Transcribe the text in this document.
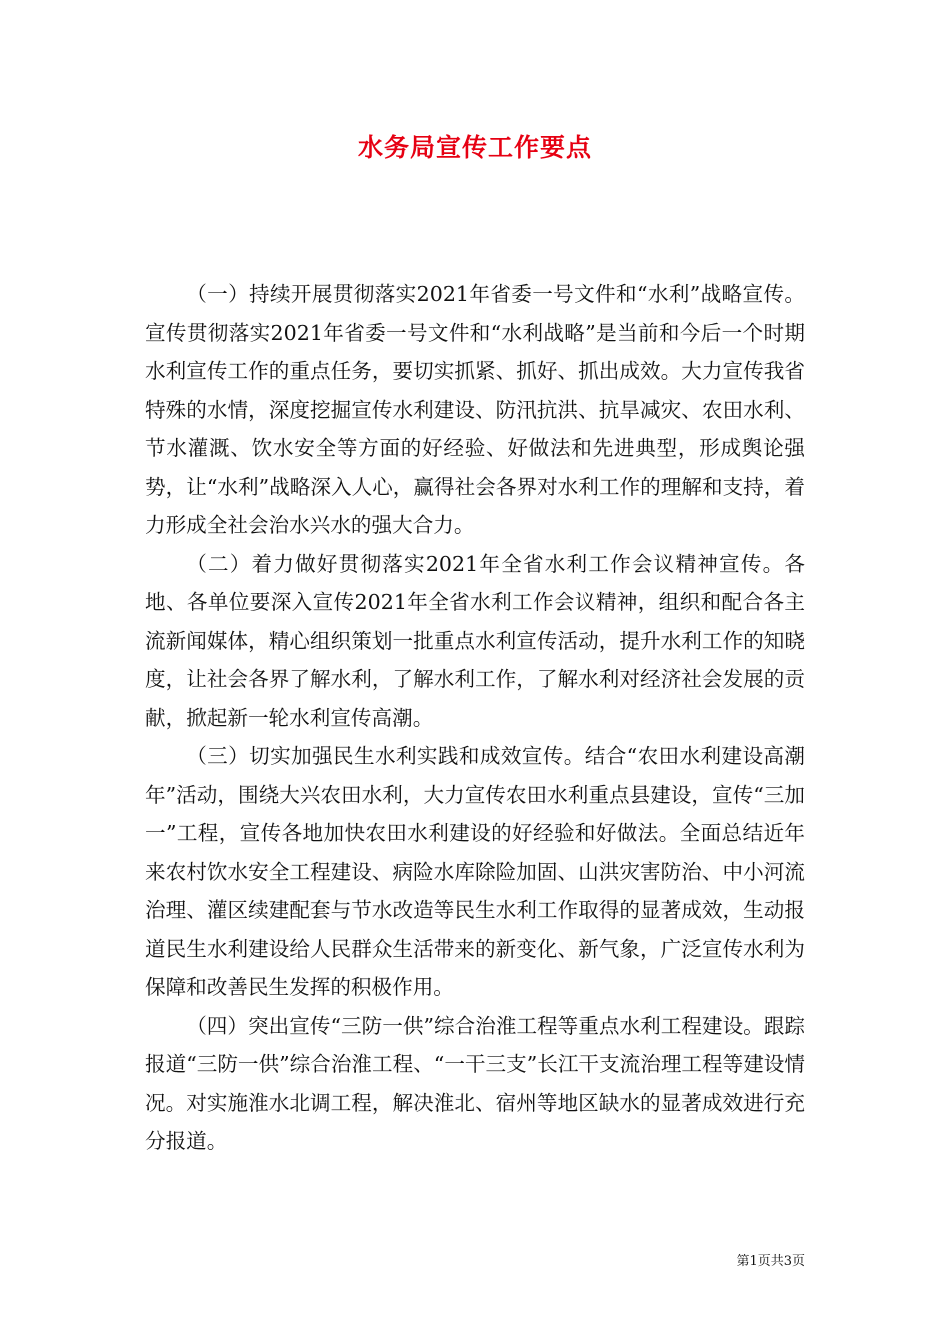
水务局宣传工作要点

（一）持续开展贯彻落实2021年省委一号文件和“水利”战略宣传。宣传贯彻落实2021年省委一号文件和“水利战略”是当前和今后一个时期水利宣传工作的重点任务，要切实抓紧、抓好、抓出成效。大力宣传我省特殊的水情，深度挖掘宣传水利建设、防汛抗洪、抗旱减灾、农田水利、节水灌溉、饮水安全等方面的好经验、好做法和先进典型，形成舆论强势，让“水利”战略深入人心，赢得社会各界对水利工作的理解和支持，着力形成全社会治水兴水的强大合力。

（二）着力做好贯彻落实2021年全省水利工作会议精神宣传。各地、各单位要深入宣传2021年全省水利工作会议精神，组织和配合各主流新闻媒体，精心组织策划一批重点水利宣传活动，提升水利工作的知晓度，让社会各界了解水利，了解水利工作，了解水利对经济社会发展的贡献，掀起新一轮水利宣传高潮。

（三）切实加强民生水利实践和成效宣传。结合“农田水利建设高潮年”活动，围绕大兴农田水利，大力宣传农田水利重点县建设，宣传“三加一”工程，宣传各地加快农田水利建设的好经验和好做法。全面总结近年来农村饮水安全工程建设、病险水库除险加固、山洪灾害防治、中小河流治理、灌区续建配套与节水改造等民生水利工作取得的显著成效，生动报道民生水利建设给人民群众生活带来的新变化、新气象，广泛宣传水利为保障和改善民生发挥的积极作用。

（四）突出宣传“三防一供”综合治淮工程等重点水利工程建设。跟踪报道“三防一供”综合治淮工程、“一干三支”长江干支流治理工程等建设情况。对实施淮水北调工程，解决淮北、宿州等地区缺水的显著成效进行充分报道。

第1页共3页
